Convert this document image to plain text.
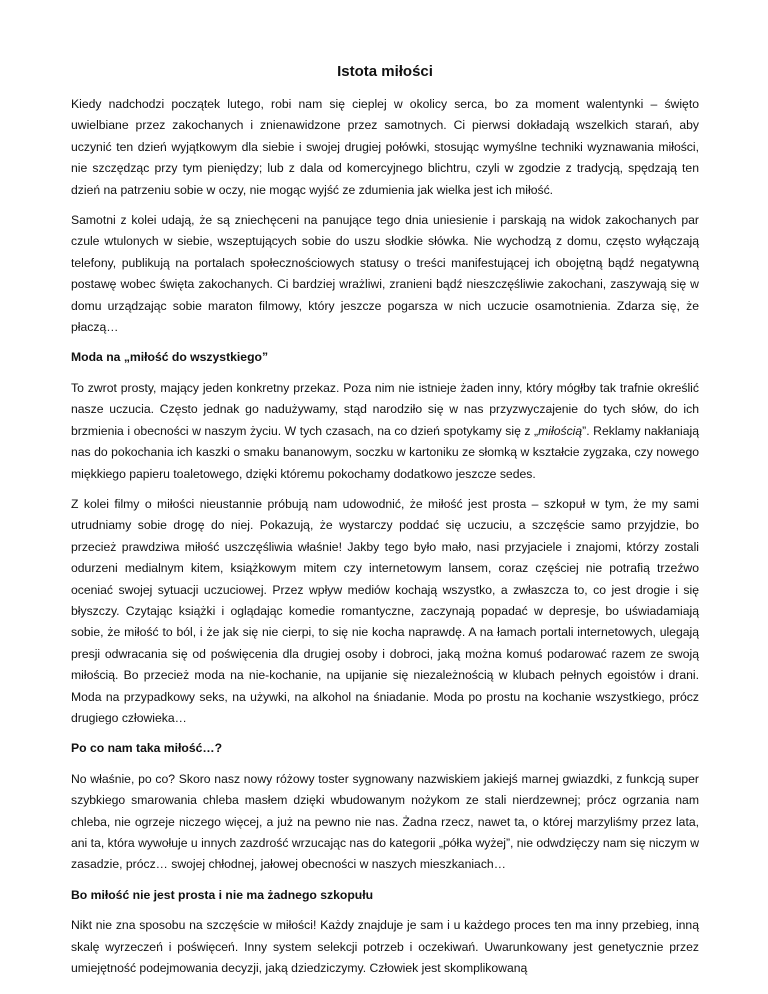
Istota miłości

Kiedy nadchodzi początek lutego, robi nam się cieplej w okolicy serca, bo za moment walentynki – święto uwielbiane przez zakochanych i znienawidzone przez samotnych. Ci pierwsi dokładają wszelkich starań, aby uczynić ten dzień wyjątkowym dla siebie i swojej drugiej połówki, stosując wymyślne techniki wyznawania miłości, nie szczędząc przy tym pieniędzy; lub z dala od komercyjnego blichtru, czyli w zgodzie z tradycją, spędzają ten dzień na patrzeniu sobie w oczy, nie mogąc wyjść ze zdumienia jak wielka jest ich miłość.

Samotni z kolei udają, że są zniechęceni na panujące tego dnia uniesienie i parskają na widok zakochanych par czule wtulonych w siebie, wszeptujących sobie do uszu słodkie słówka. Nie wychodzą z domu, często wyłączają telefony, publikują na portalach społecznościowych statusy o treści manifestującej ich obojętną bądź negatywną postawę wobec święta zakochanych. Ci bardziej wrażliwi, zranieni bądź nieszczęśliwie zakochani, zaszywają się w domu urządzając sobie maraton filmowy, który jeszcze pogarsza w nich uczucie osamotnienia. Zdarza się, że płaczą…

Moda na „miłość do wszystkiego”

To zwrot prosty, mający jeden konkretny przekaz. Poza nim nie istnieje żaden inny, który mógłby tak trafnie określić nasze uczucia. Często jednak go nadużywamy, stąd narodziło się w nas przyzwyczajenie do tych słów, do ich brzmienia i obecności w naszym życiu. W tych czasach, na co dzień spotykamy się z „miłością”. Reklamy nakłaniają nas do pokochania ich kaszki o smaku bananowym, soczku w kartoniku ze słomką w kształcie zygzaka, czy nowego miękkiego papieru toaletowego, dzięki któremu pokochamy dodatkowo jeszcze sedes.

Z kolei filmy o miłości nieustannie próbują nam udowodnić, że miłość jest prosta – szkopuł w tym, że my sami utrudniamy sobie drogę do niej. Pokazują, że wystarczy poddać się uczuciu, a szczęście samo przyjdzie, bo przecież prawdziwa miłość uszczęśliwia właśnie! Jakby tego było mało, nasi przyjaciele i znajomi, którzy zostali odurzeni medialnym kitem, książkowym mitem czy internetowym lansem, coraz częściej nie potrafią trzeźwo oceniać swojej sytuacji uczuciowej. Przez wpływ mediów kochają wszystko, a zwłaszcza to, co jest drogie i się błyszczy. Czytając książki i oglądając komedie romantyczne, zaczynają popadać w depresje, bo uświadamiają sobie, że miłość to ból, i że jak się nie cierpi, to się nie kocha naprawdę. A na łamach portali internetowych, ulegają presji odwracania się od poświęcenia dla drugiej osoby i dobroci, jaką można komuś podarować razem ze swoją miłością. Bo przecież moda na nie-kochanie, na upijanie się niezależnością w klubach pełnych egoistów i drani. Moda na przypadkowy seks, na używki, na alkohol na śniadanie. Moda po prostu na kochanie wszystkiego, prócz drugiego człowieka…

Po co nam taka miłość…?

No właśnie, po co? Skoro nasz nowy różowy toster sygnowany nazwiskiem jakiejś marnej gwiazdki, z funkcją super szybkiego smarowania chleba masłem dzięki wbudowanym nożykom ze stali nierdzewnej; prócz ogrzania nam chleba, nie ogrzeje niczego więcej, a już na pewno nie nas. Żadna rzecz, nawet ta, o której marzyliśmy przez lata, ani ta, która wywołuje u innych zazdrość wrzucając nas do kategorii „półka wyżej”, nie odwdzięczy nam się niczym w zasadzie, prócz… swojej chłodnej, jałowej obecności w naszych mieszkaniach…

Bo miłość nie jest prosta i nie ma żadnego szkopułu

Nikt nie zna sposobu na szczęście w miłości! Każdy znajduje je sam i u każdego proces ten ma inny przebieg, inną skalę wyrzeczeń i poświęceń. Inny system selekcji potrzeb i oczekiwań. Uwarunkowany jest genetycznie przez umiejętność podejmowania decyzji, jaką dziedziczymy. Człowiek jest skomplikowaną
